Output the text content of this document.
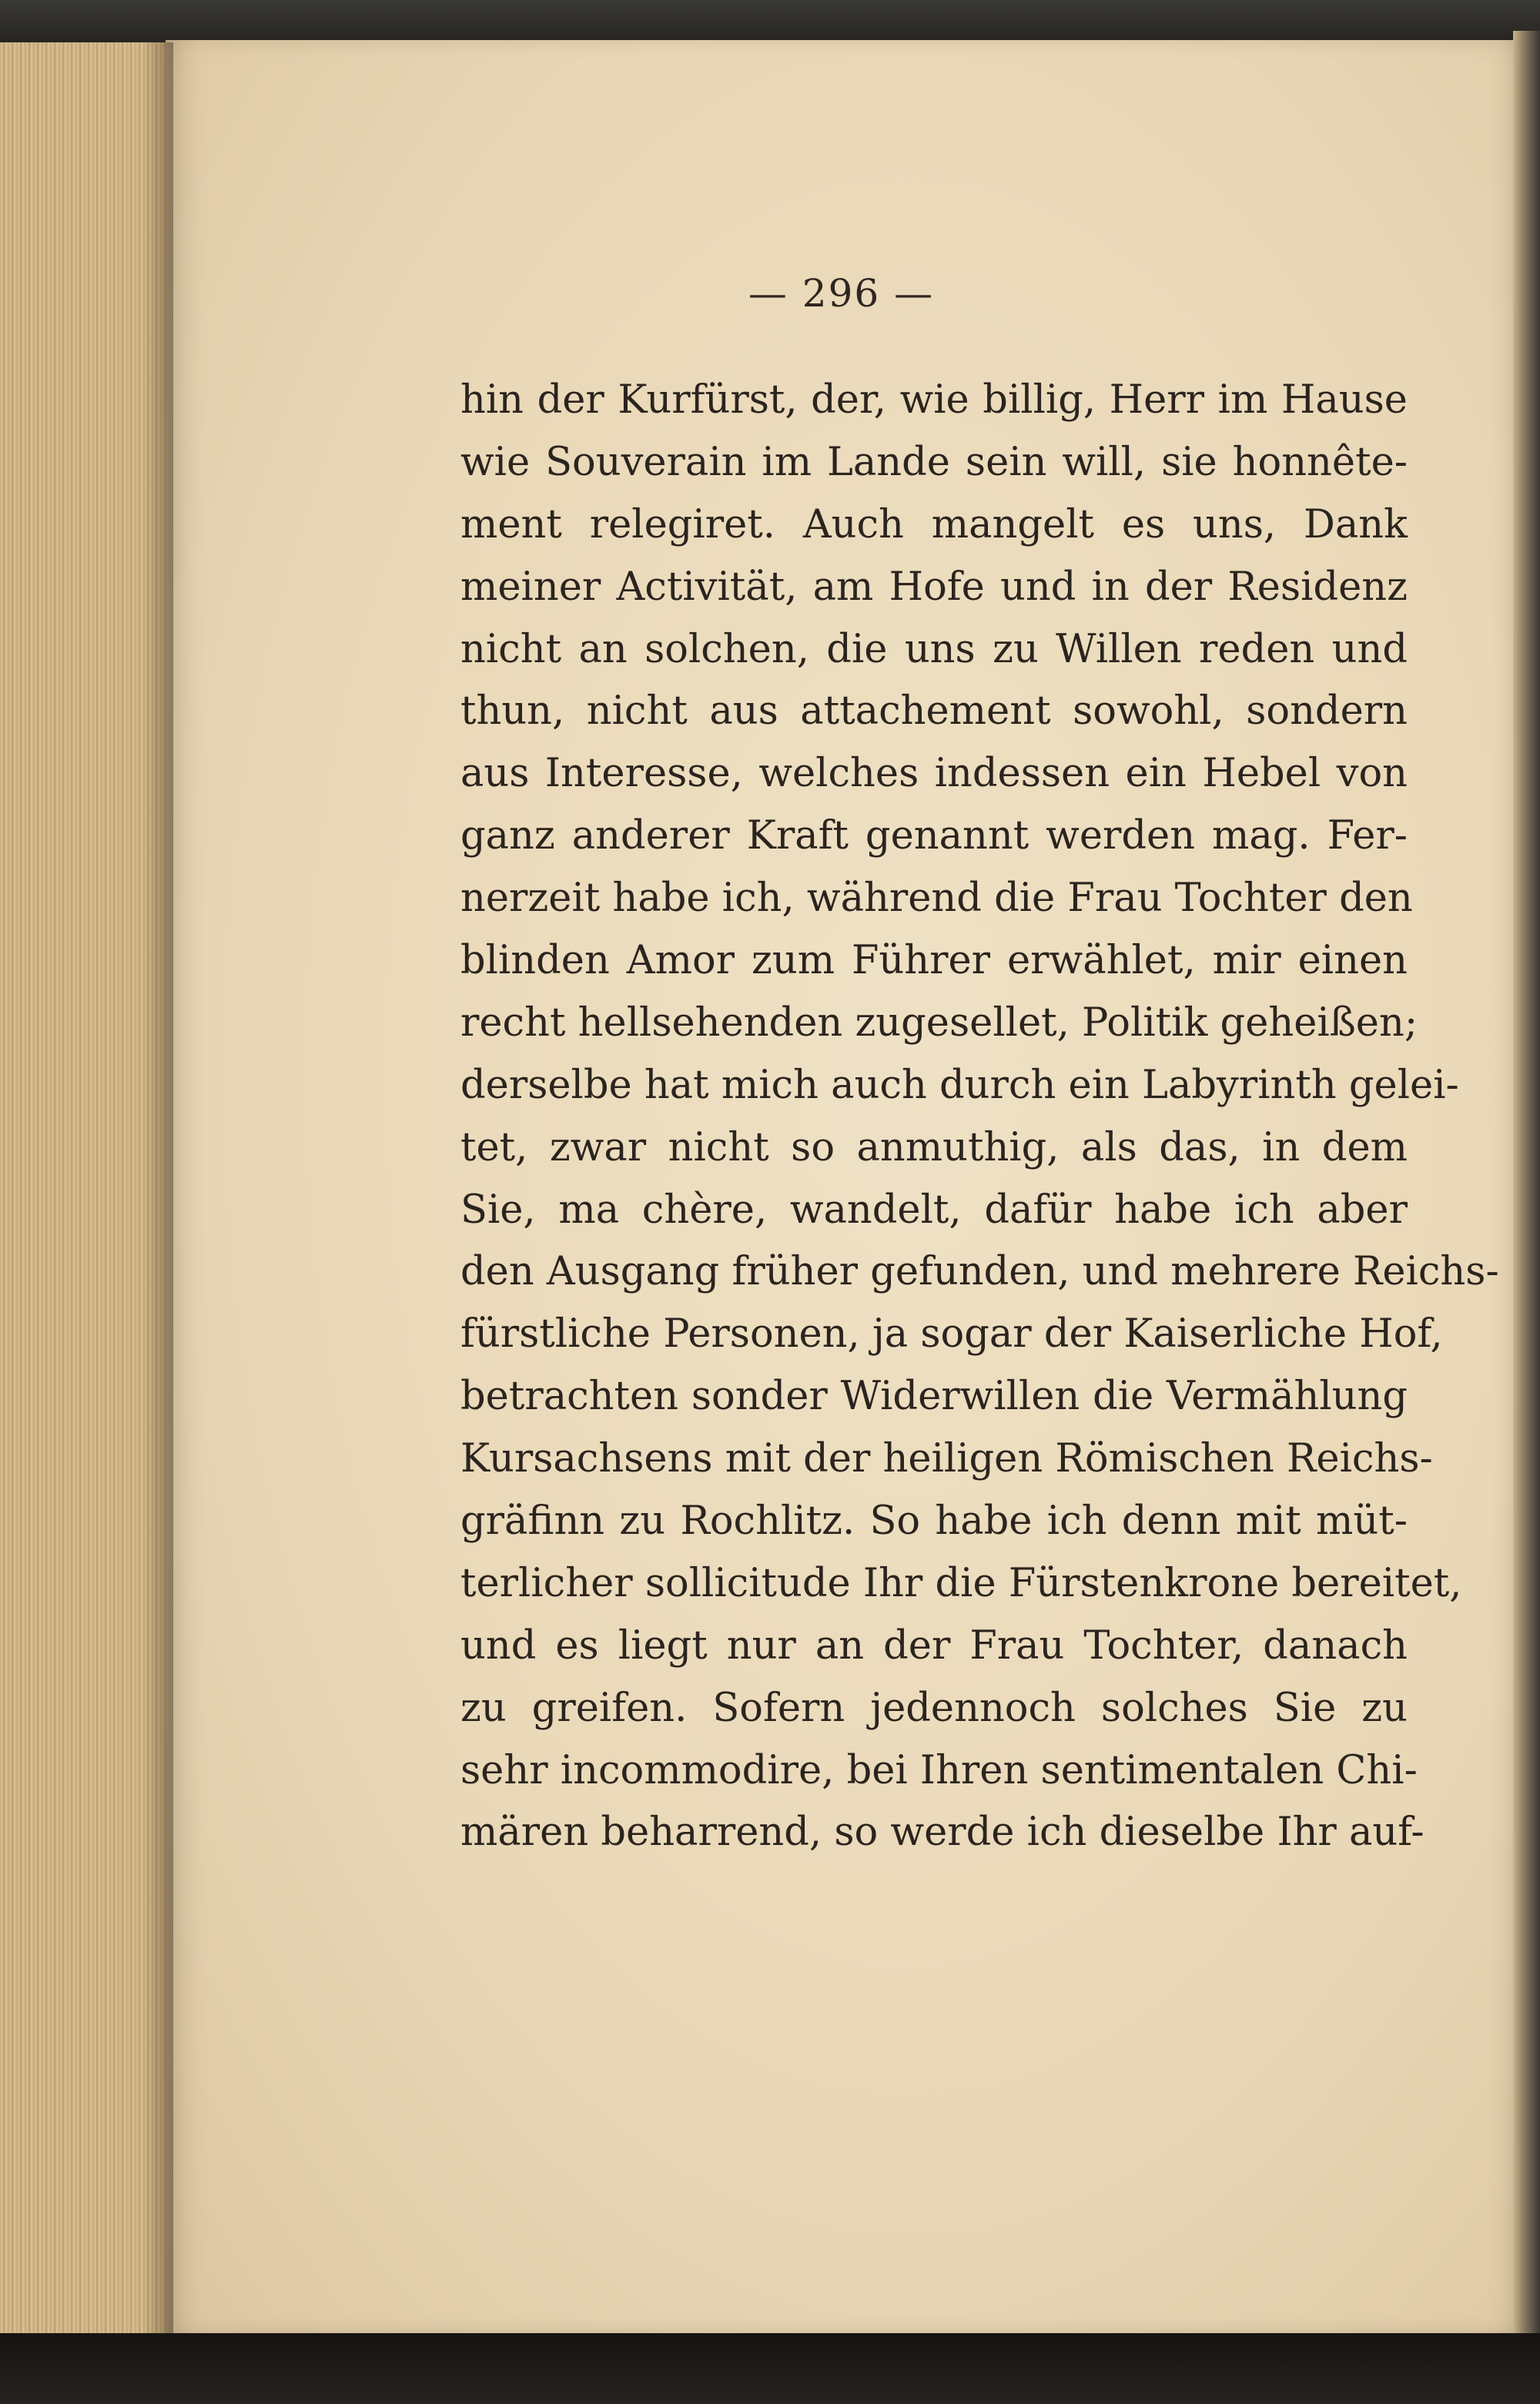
— 296 —
hin der Kurfürst, der, wie billig, Herr im Hause
wie Souverain im Lande sein will, sie honnête-
ment relegiret. Auch mangelt es uns, Dank
meiner Activität, am Hofe und in der Residenz
nicht an solchen, die uns zu Willen reden und
thun, nicht aus attachement sowohl, sondern
aus Interesse, welches indessen ein Hebel von
ganz anderer Kraft genannt werden mag. Fer-
nerzeit habe ich, während die Frau Tochter den
blinden Amor zum Führer erwählet, mir einen
recht hellsehenden zugesellet, Politik geheißen;
derselbe hat mich auch durch ein Labyrinth gelei-
tet, zwar nicht so anmuthig, als das, in dem
Sie, ma chère, wandelt, dafür habe ich aber
den Ausgang früher gefunden, und mehrere Reichs-
fürstliche Personen, ja sogar der Kaiserliche Hof,
betrachten sonder Widerwillen die Vermählung
Kursachsens mit der heiligen Römischen Reichs-
gräfinn zu Rochlitz. So habe ich denn mit müt-
terlicher sollicitude Ihr die Fürstenkrone bereitet,
und es liegt nur an der Frau Tochter, danach
zu greifen. Sofern jedennoch solches Sie zu
sehr incommodire, bei Ihren sentimentalen Chi-
mären beharrend, so werde ich dieselbe Ihr auf-
